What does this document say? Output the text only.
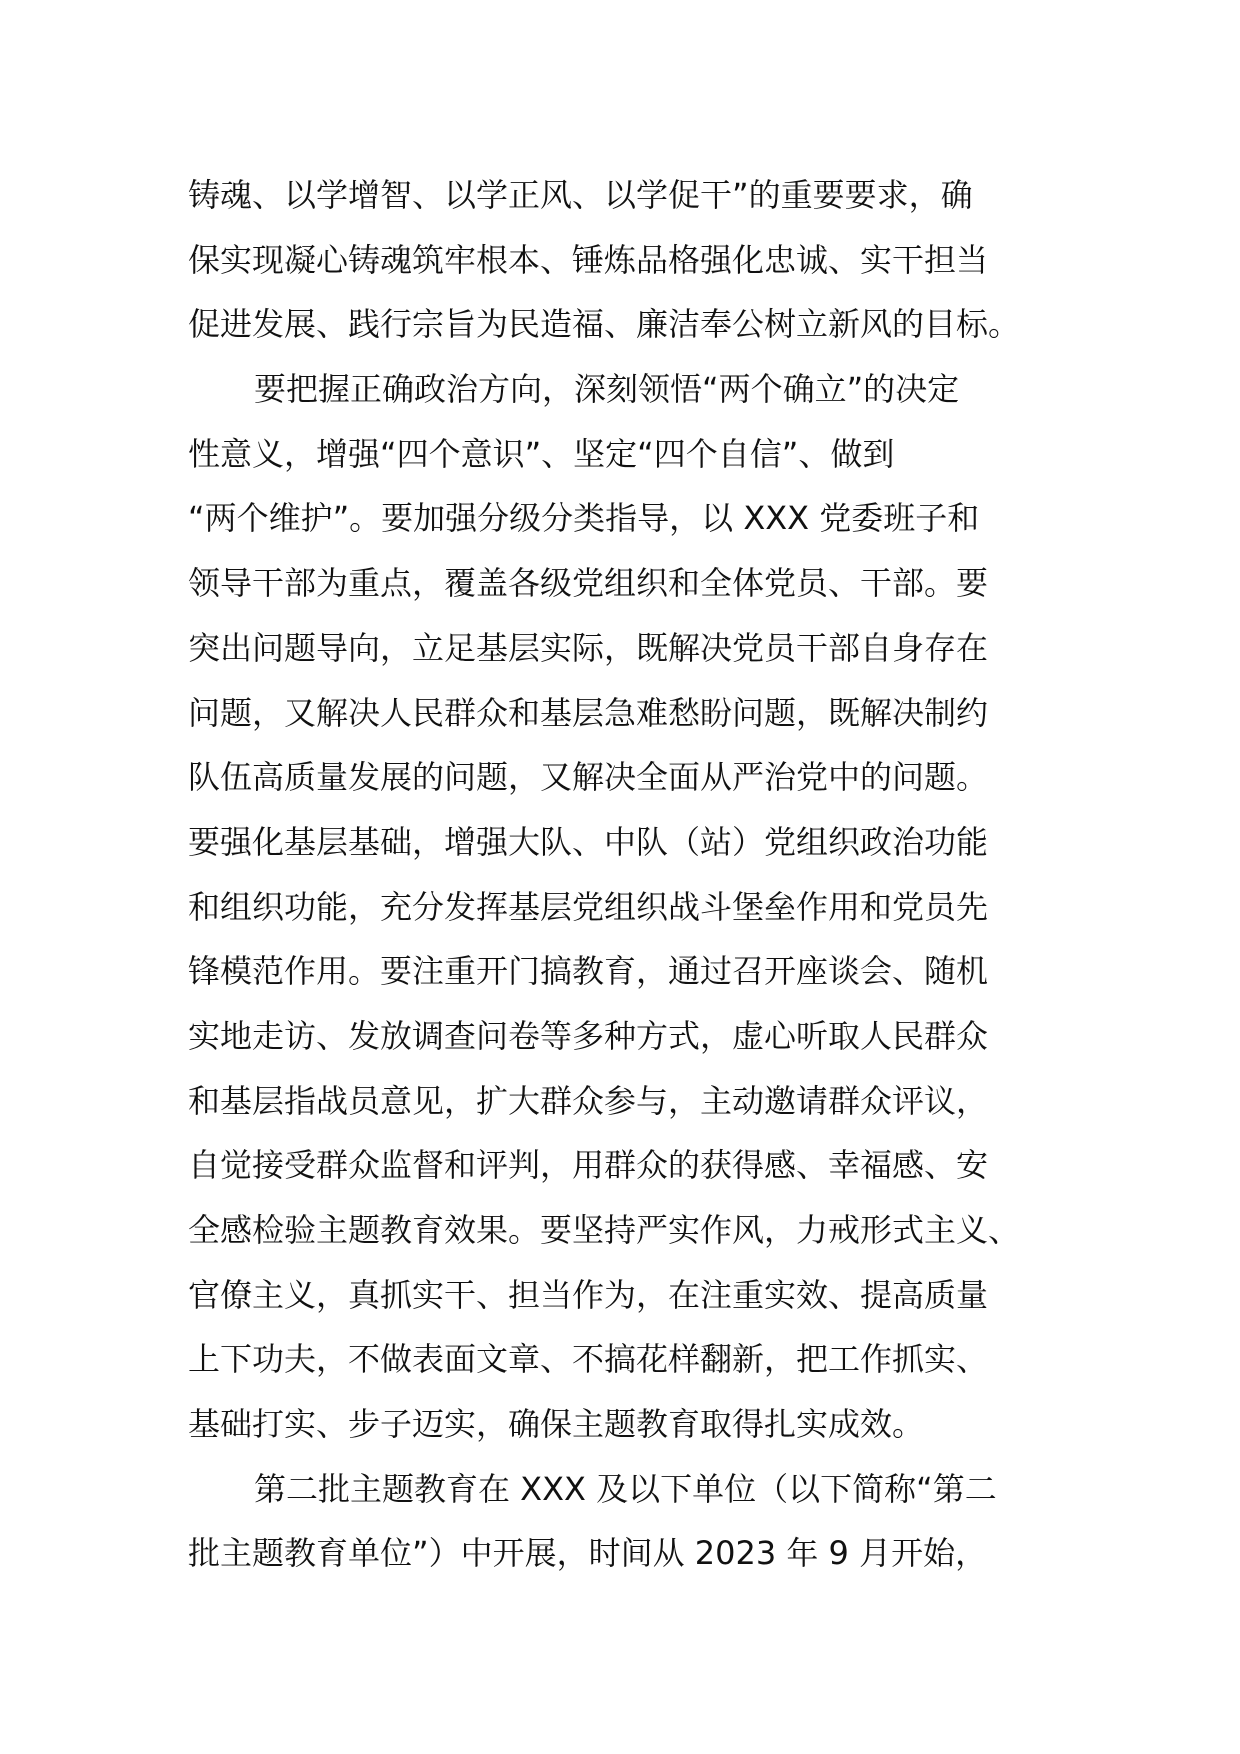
铸魂、以学增智、以学正风、以学促干”的重要要求，确
保实现凝心铸魂筑牢根本、锤炼品格强化忠诚、实干担当
促进发展、践行宗旨为民造福、廉洁奉公树立新风的目标。
要把握正确政治方向，深刻领悟“两个确立”的决定
性意义，增强“四个意识”、坚定“四个自信”、做到
“两个维护”。要加强分级分类指导，以 XXX 党委班子和
领导干部为重点，覆盖各级党组织和全体党员、干部。要
突出问题导向，立足基层实际，既解决党员干部自身存在
问题，又解决人民群众和基层急难愁盼问题，既解决制约
队伍高质量发展的问题，又解决全面从严治党中的问题。
要强化基层基础，增强大队、中队（站）党组织政治功能
和组织功能，充分发挥基层党组织战斗堡垒作用和党员先
锋模范作用。要注重开门搞教育，通过召开座谈会、随机
实地走访、发放调查问卷等多种方式，虚心听取人民群众
和基层指战员意见，扩大群众参与，主动邀请群众评议，
自觉接受群众监督和评判，用群众的获得感、幸福感、安
全感检验主题教育效果。要坚持严实作风，力戒形式主义、
官僚主义，真抓实干、担当作为，在注重实效、提高质量
上下功夫，不做表面文章、不搞花样翻新，把工作抓实、
基础打实、步子迈实，确保主题教育取得扎实成效。
第二批主题教育在 XXX 及以下单位（以下简称“第二
批主题教育单位”）中开展，时间从 2023 年 9 月开始，
